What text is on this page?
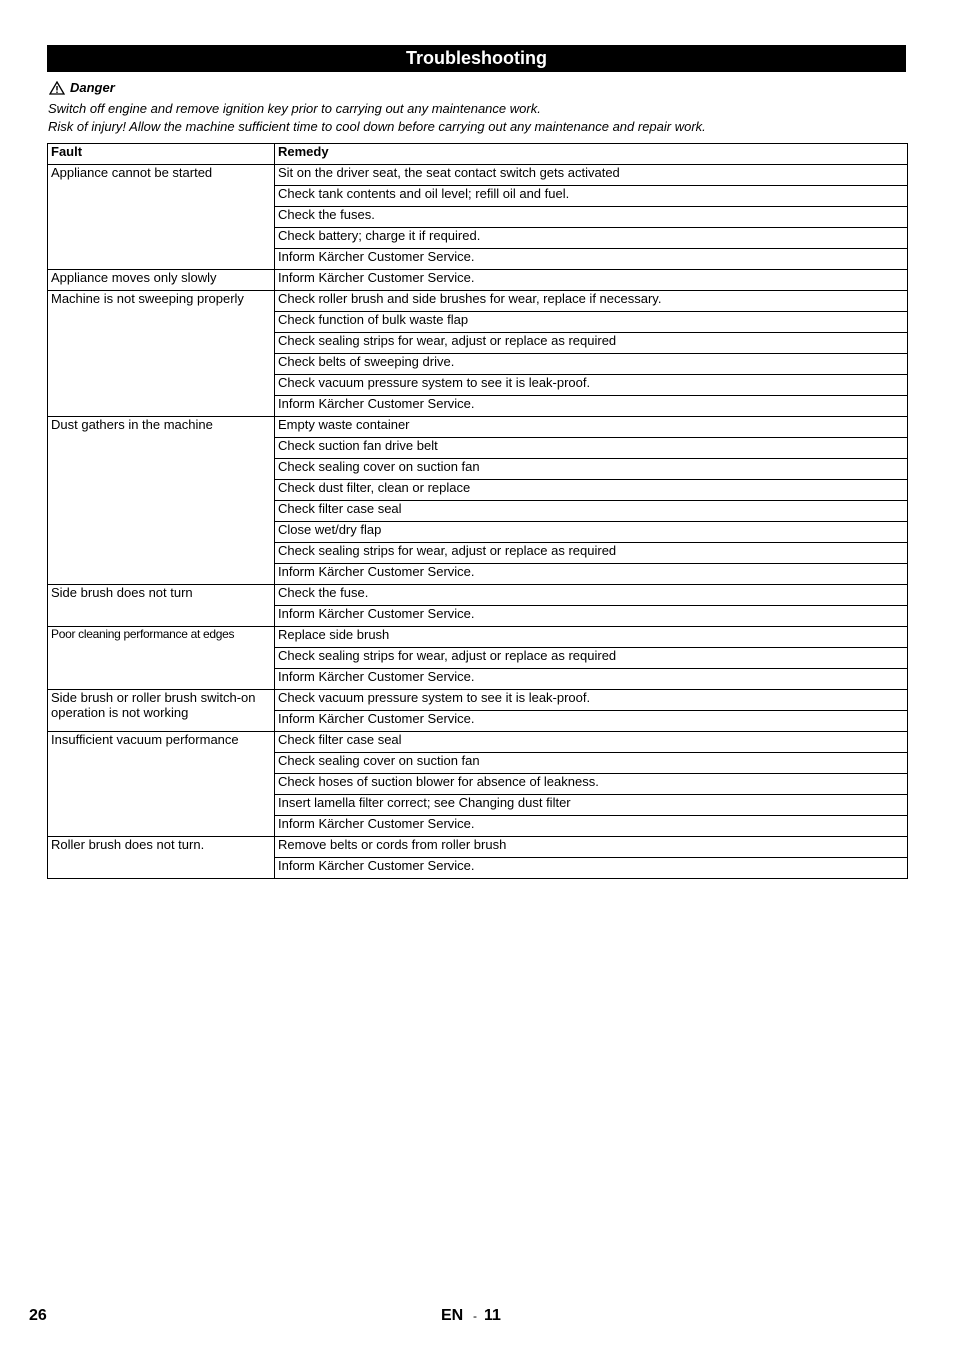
Troubleshooting
Danger
Switch off engine and remove ignition key prior to carrying out any maintenance work.
Risk of injury! Allow the machine sufficient time to cool down before carrying out any maintenance and repair work.
Fault	Remedy
Appliance cannot be started	Sit on the driver seat, the seat contact switch gets activated
	Check tank contents and oil level; refill oil and fuel.
	Check the fuses.
	Check battery; charge it if required.
	Inform Kärcher Customer Service.
Appliance moves only slowly	Inform Kärcher Customer Service.
Machine is not sweeping properly	Check roller brush and side brushes for wear, replace if necessary.
	Check function of bulk waste flap
	Check sealing strips for wear, adjust or replace as required
	Check belts of sweeping drive.
	Check vacuum pressure system to see it is leak-proof.
	Inform Kärcher Customer Service.
Dust gathers in the machine	Empty waste container
	Check suction fan drive belt
	Check sealing cover on suction fan
	Check dust filter, clean or replace
	Check filter case seal
	Close wet/dry flap
	Check sealing strips for wear, adjust or replace as required
	Inform Kärcher Customer Service.
Side brush does not turn	Check the fuse.
	Inform Kärcher Customer Service.
Poor cleaning performance at edges	Replace side brush
	Check sealing strips for wear, adjust or replace as required
	Inform Kärcher Customer Service.
Side brush or roller brush switch-on operation is not working	Check vacuum pressure system to see it is leak-proof.
	Inform Kärcher Customer Service.
Insufficient vacuum performance	Check filter case seal
	Check sealing cover on suction fan
	Check hoses of suction blower for absence of leakness.
	Insert lamella filter correct; see Changing dust filter
	Inform Kärcher Customer Service.
Roller brush does not turn.	Remove belts or cords from roller brush
	Inform Kärcher Customer Service.
26	EN - 11
